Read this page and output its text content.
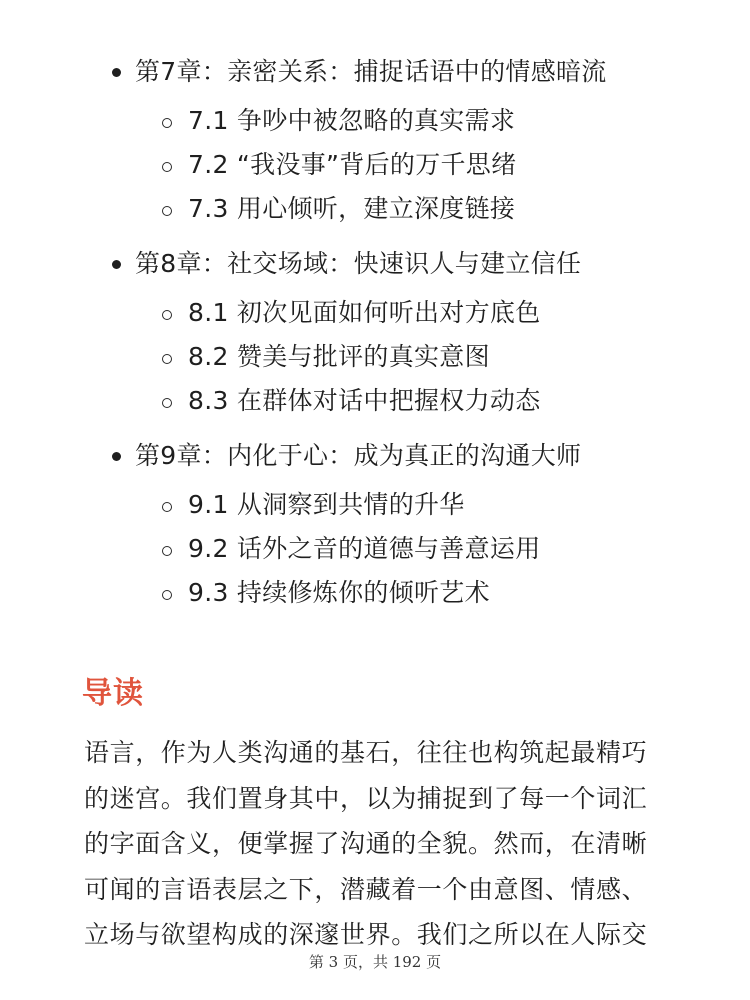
第7章：亲密关系：捕捉话语中的情感暗流
7.1 争吵中被忽略的真实需求
7.2 “我没事”背后的万千思绪
7.3 用心倾听，建立深度链接
第8章：社交场域：快速识人与建立信任
8.1 初次见面如何听出对方底色
8.2 赞美与批评的真实意图
8.3 在群体对话中把握权力动态
第9章：内化于心：成为真正的沟通大师
9.1 从洞察到共情的升华
9.2 话外之音的道德与善意运用
9.3 持续修炼你的倾听艺术
导读
语言，作为人类沟通的基石，往往也构筑起最精巧
的迷宫。我们置身其中，以为捕捉到了每一个词汇
的字面含义，便掌握了沟通的全貌。然而，在清晰
可闻的言语表层之下，潜藏着一个由意图、情感、
立场与欲望构成的深邃世界。我们之所以在人际交
第 3 页，共 192 页
